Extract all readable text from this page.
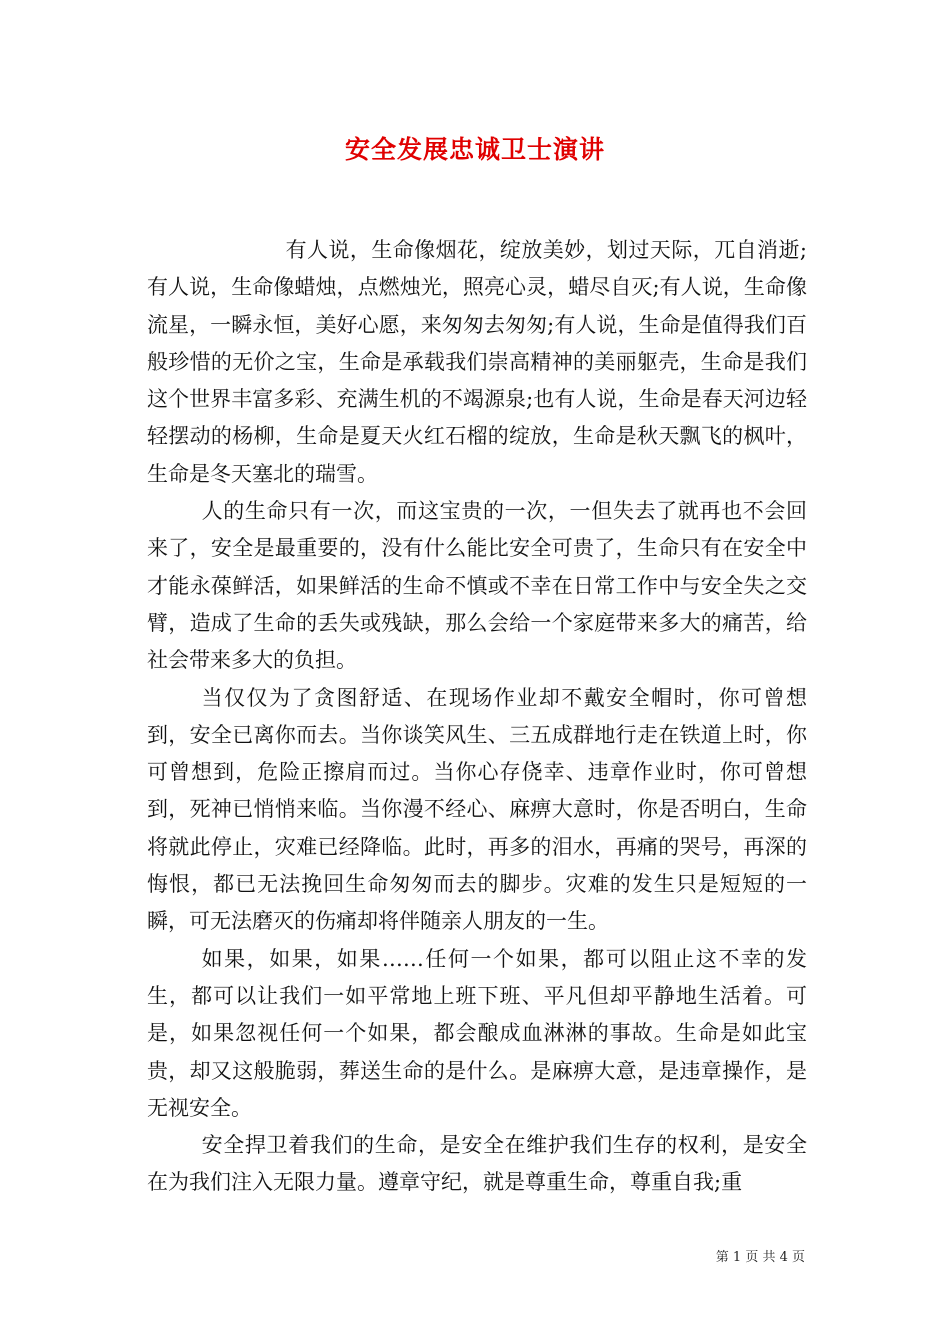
安全发展忠诚卫士演讲

有人说，生命像烟花，绽放美妙，划过天际，兀自消逝;有人说，生命像蜡烛，点燃烛光，照亮心灵，蜡尽自灭;有人说，生命像流星，一瞬永恒，美好心愿，来匆匆去匆匆;有人说，生命是值得我们百般珍惜的无价之宝，生命是承载我们崇高精神的美丽躯壳，生命是我们这个世界丰富多彩、充满生机的不竭源泉;也有人说，生命是春天河边轻轻摆动的杨柳，生命是夏天火红石榴的绽放，生命是秋天飘飞的枫叶，生命是冬天塞北的瑞雪。

人的生命只有一次，而这宝贵的一次，一但失去了就再也不会回来了，安全是最重要的，没有什么能比安全可贵了，生命只有在安全中才能永葆鲜活，如果鲜活的生命不慎或不幸在日常工作中与安全失之交臂，造成了生命的丢失或残缺，那么会给一个家庭带来多大的痛苦，给社会带来多大的负担。

当仅仅为了贪图舒适、在现场作业却不戴安全帽时，你可曾想到，安全已离你而去。当你谈笑风生、三五成群地行走在铁道上时，你可曾想到，危险正擦肩而过。当你心存侥幸、违章作业时，你可曾想到，死神已悄悄来临。当你漫不经心、麻痹大意时，你是否明白，生命将就此停止，灾难已经降临。此时，再多的泪水，再痛的哭号，再深的悔恨，都已无法挽回生命匆匆而去的脚步。灾难的发生只是短短的一瞬，可无法磨灭的伤痛却将伴随亲人朋友的一生。

如果，如果，如果……任何一个如果，都可以阻止这不幸的发生，都可以让我们一如平常地上班下班、平凡但却平静地生活着。可是，如果忽视任何一个如果，都会酿成血淋淋的事故。生命是如此宝贵，却又这般脆弱，葬送生命的是什么。是麻痹大意，是违章操作，是无视安全。

安全捍卫着我们的生命，是安全在维护我们生存的权利，是安全在为我们注入无限力量。遵章守纪，就是尊重生命，尊重自我;重

第 1 页 共 4 页
